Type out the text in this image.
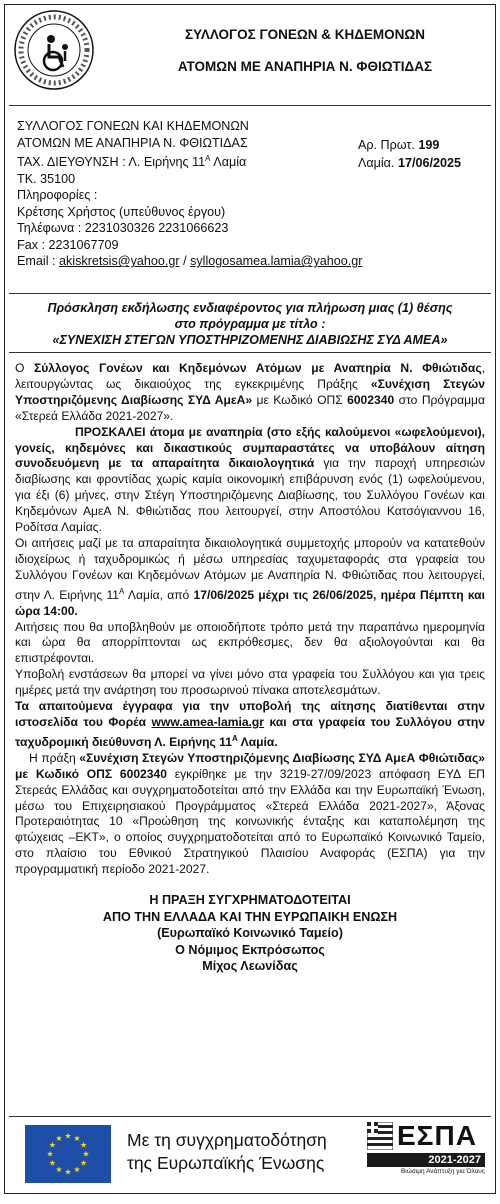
ΣΥΛΛΟΓΟΣ ΓΟΝΕΩΝ & ΚΗΔΕΜΟΝΩΝ
ΑΤΟΜΩΝ ΜΕ ΑΝΑΠΗΡΙΑ Ν. ΦΘΙΩΤΙΔΑΣ
ΣΥΛΛΟΓΟΣ ΓΟΝΕΩΝ ΚΑΙ ΚΗΔΕΜΟΝΩΝ
ΑΤΟΜΩΝ ΜΕ ΑΝΑΠΗΡΙΑ Ν. ΦΘΙΩΤΙΔΑΣ
ΤΑΧ. ΔΙΕΥΘΥΝΣΗ : Λ. Ειρήνης $11^A$ Λαμία
ΤΚ. 35100
Πληροφορίες :
Κρέτσης Χρήστος (υπεύθυνος έργου)
Τηλέφωνα : 2231030326 2231066623
Fax : 2231067709
Email : akiskretsis@yahoo.gr / syllogosamea.lamia@yahoo.gr
Αρ. Πρωτ. 199
Λαμία. 17/06/2025
Πρόσκληση εκδήλωσης ενδιαφέροντος για πλήρωση μιας (1) θέσης
στο πρόγραμμα με τίτλο :
«ΣΥΝΕΧΙΣΗ ΣΤΕΓΩΝ ΥΠΟΣΤΗΡΙΖΟΜΕΝΗΣ ΔΙΑΒΙΩΣΗΣ ΣΥΔ ΑΜΕΑ»

Ο Σύλλογος Γονέων και Κηδεμόνων Ατόμων με Αναπηρία Ν. Φθιώτιδας, λειτουργώντας ως δικαιούχος της εγκεκριμένης Πράξης «Συνέχιση Στεγών Υποστηριζόμενης Διαβίωσης ΣΥΔ ΑμεΑ» με Κωδικό ΟΠΣ 6002340 στο Πρόγραμμα «Στερεά Ελλάδα 2021-2027».

ΠΡΟΣΚΑΛΕΙ άτομα με αναπηρία (στο εξής καλούμενοι «ωφελούμενοι), γονείς, κηδεμόνες και δικαστικούς συμπαραστάτες να υποβάλουν αίτηση συνοδευόμενη με τα απαραίτητα δικαιολογητικά για την παροχή υπηρεσιών διαβίωσης και φροντίδας χωρίς καμία οικονομική επιβάρυνση ενός (1) ωφελούμενου, για έξι (6) μήνες, στην Στέγη Υποστηριζόμενης Διαβίωσης, του Συλλόγου Γονέων και Κηδεμόνων ΑμεΑ Ν. Φθιώτιδας που λειτουργεί, στην Αποστόλου Κατσόγιαννου 16, Ροδίτσα Λαμίας.

Οι αιτήσεις μαζί με τα απαραίτητα δικαιολογητικά συμμετοχής μπορούν να κατατεθούν ιδιοχείρως ή ταχυδρομικώς ή μέσω υπηρεσίας ταχυμεταφοράς στα γραφεία του Συλλόγου Γονέων και Κηδεμόνων Ατόμων με Αναπηρία Ν. Φθιώτιδας που λειτουργεί, στην Λ. Ειρήνης $11^A$ Λαμία, από 17/06/2025 μέχρι τις 26/06/2025, ημέρα Πέμπτη και ώρα 14:00.

Αιτήσεις που θα υποβληθούν με οποιοδήποτε τρόπο μετά την παραπάνω ημερομηνία και ώρα θα απορρίπτονται ως εκπρόθεσμες, δεν θα αξιολογούνται και θα επιστρέφονται.

Υποβολή ενστάσεων θα μπορεί να γίνει μόνο στα γραφεία του Συλλόγου και για τρεις ημέρες μετά την ανάρτηση του προσωρινού πίνακα αποτελεσμάτων.

Τα απαιτούμενα έγγραφα για την υποβολή της αίτησης διατίθενται στην ιστοσελίδα του Φορέα www.amea-lamia.gr και στα γραφεία του Συλλόγου στην ταχυδρομική διεύθυνση Λ. Ειρήνης $11^A$ Λαμία.

Η πράξη «Συνέχιση Στεγών Υποστηριζόμενης Διαβίωσης ΣΥΔ ΑμεΑ Φθιώτιδας» με Κωδικό ΟΠΣ 6002340 εγκρίθηκε με την 3219-27/09/2023 απόφαση ΕΥΔ ΕΠ Στερεάς Ελλάδας και συγχρηματοδοτείται από την Ελλάδα και την Ευρωπαϊκή Ένωση, μέσω του Επιχειρησιακού Προγράμματος «Στερεά Ελλάδα 2021-2027», Άξονας Προτεραιότητας 10 «Προώθηση της κοινωνικής ένταξης και καταπολέμηση της φτώχειας –ΕΚΤ», ο οποίος συγχρηματοδοτείται από το Ευρωπαϊκό Κοινωνικό Ταμείο, στο πλαίσιο του Εθνικού Στρατηγικού Πλαισίου Αναφοράς (ΕΣΠΑ) για την προγραμματική περίοδο 2021-2027.

Η ΠΡΑΞΗ ΣΥΓΧΡΗΜΑΤΟΔΟΤΕΙΤΑΙ
ΑΠΟ ΤΗΝ ΕΛΛΑΔΑ ΚΑΙ ΤΗΝ ΕΥΡΩΠΑΙΚΗ ΕΝΩΣΗ
(Ευρωπαϊκό Κοινωνικό Ταμείο)
Ο Νόμιμος Εκπρόσωπος
Μίχος Λεωνίδας
Με τη συγχρηματοδότηση
της Ευρωπαϊκής Ένωσης
ΕΣΠΑ
2021-2027
Βιώσιμη Ανάπτυξη για Όλους
